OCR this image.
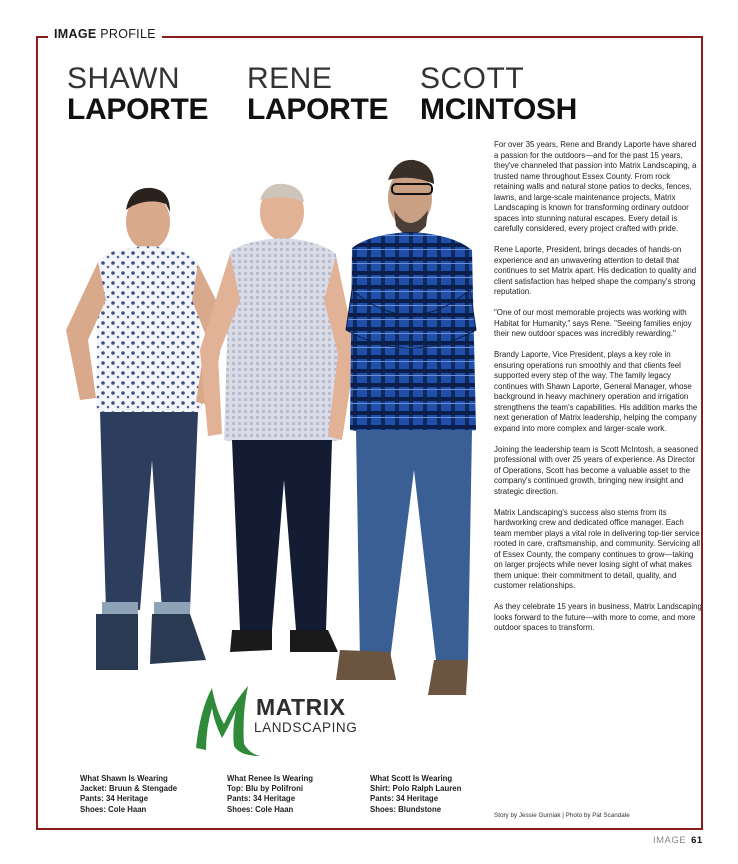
IMAGE PROFILE
SHAWN
LAPORTE
RENE
LAPORTE
SCOTT
MCINTOSH

For over 35 years, Rene and Brandy Laporte have shared a passion for the outdoors—and for the past 15 years, they've channeled that passion into Matrix Landscaping, a trusted name throughout Essex County. From rock retaining walls and natural stone patios to decks, fences, lawns, and large-scale maintenance projects, Matrix Landscaping is known for transforming ordinary outdoor spaces into stunning natural escapes. Every detail is carefully considered, every project crafted with pride.

Rene Laporte, President, brings decades of hands-on experience and an unwavering attention to detail that continues to set Matrix apart. His dedication to quality and client satisfaction has helped shape the company's strong reputation.

"One of our most memorable projects was working with Habitat for Humanity," says Rene. "Seeing families enjoy their new outdoor spaces was incredibly rewarding."

Brandy Laporte, Vice President, plays a key role in ensuring operations run smoothly and that clients feel supported every step of the way. The family legacy continues with Shawn Laporte, General Manager, whose background in heavy machinery operation and irrigation strengthens the team's capabilities. His addition marks the next generation of Matrix leadership, helping the company expand into more complex and larger-scale work.

Joining the leadership team is Scott McIntosh, a seasoned professional with over 25 years of experience. As Director of Operations, Scott has become a valuable asset to the company's continued growth, bringing new insight and strategic direction.

Matrix Landscaping's success also stems from its hardworking crew and dedicated office manager. Each team member plays a vital role in delivering top-tier service rooted in care, craftsmanship, and community. Servicing all of Essex County, the company continues to grow—taking on larger projects while never losing sight of what makes them unique: their commitment to detail, quality, and customer relationships.

As they celebrate 15 years in business, Matrix Landscaping looks forward to the future—with more to come, and more outdoor spaces to transform.

MATRIX
LANDSCAPING
What Shawn Is Wearing
Jacket: Bruun & Stengade
Pants: 34 Heritage
Shoes: Cole Haan
What Renee Is Wearing
Top: Blu by Polifroni
Pants: 34 Heritage
Shoes: Cole Haan
What Scott Is Wearing
Shirt: Polo Ralph Lauren
Pants: 34 Heritage
Shoes: Blundstone
Story by Jessie Gurniak | Photo by Pat Scandale
IMAGE 61
